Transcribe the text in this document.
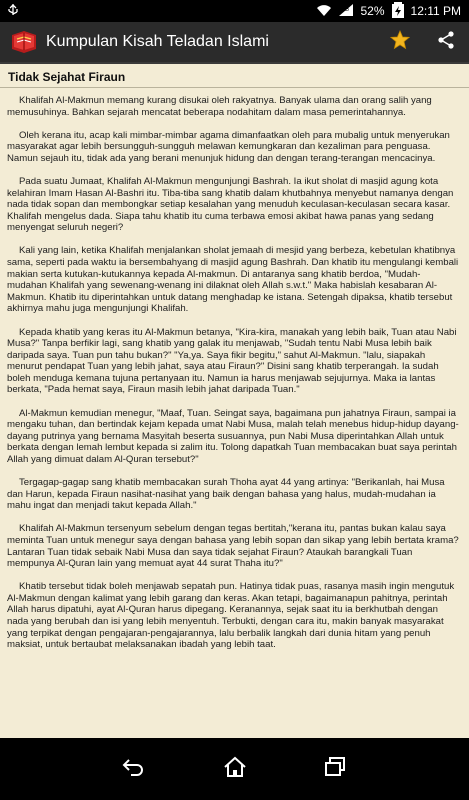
4G 52% 12:11 PM
Kumpulan Kisah Teladan Islami
Tidak Sejahat Firaun

Khalifah Al-Makmun memang kurang disukai oleh rakyatnya. Banyak ulama dan orang salih yang memusuhinya. Bahkan sejarah mencatat beberapa nodahitam dalam masa pemerintahannya.

Oleh kerana itu, acap kali mimbar-mimbar agama dimanfaatkan oleh para mubalig untuk menyerukan masyarakat agar lebih bersungguh-sungguh melawan kemungkaran dan kezaliman para penguasa. Namun sejauh itu, tidak ada yang berani menunjuk hidung dan dengan terang-terangan mencacinya.

Pada suatu Jumaat, Khalifah Al-Makmun mengunjungi Bashrah. Ia ikut sholat di masjid agung kota kelahiran Imam Hasan Al-Bashri itu. Tiba-tiba sang khatib dalam khutbahnya menyebut namanya dengan nada tidak sopan dan membongkar setiap kesalahan yang menuduh keculasan-keculasan secara kasar. Khalifah mengelus dada. Siapa tahu khatib itu cuma terbawa emosi akibat hawa panas yang sedang menyengat seluruh negeri?

Kali yang lain, ketika Khalifah menjalankan sholat jemaah di mesjid yang berbeza, kebetulan khatibnya sama, seperti pada waktu ia bersembahyang di masjid agung Bashrah. Dan khatib itu mengulangi kembali makian serta kutukan-kutukannya kepada Al-makmun. Di antaranya sang khatib berdoa, "Mudah-mudahan Khalifah yang sewenang-wenang ini dilaknat oleh Allah s.w.t." Maka habislah kesabaran Al-Makmun. Khatib itu diperintahkan untuk datang menghadap ke istana. Setengah dipaksa, khatib tersebut akhirnya mahu juga mengunjungi Khalifah.

Kepada khatib yang keras itu Al-Makmun betanya, "Kira-kira, manakah yang lebih baik, Tuan atau Nabi Musa?" Tanpa berfikir lagi, sang khatib yang galak itu menjawab, "Sudah tentu Nabi Musa lebih baik daripada saya. Tuan pun tahu bukan?" "Ya,ya. Saya fikir begitu," sahut Al-Makmun. "lalu, siapakah menurut pendapat Tuan yang lebih jahat, saya atau Firaun?" Disini sang khatib terperangah. Ia sudah boleh menduga kemana tujuna pertanyaan itu. Namun ia harus menjawab sejujurnya. Maka ia lantas berkata, "Pada hemat saya, Firaun masih lebih jahat daripada Tuan."

Al-Makmun kemudian menegur, "Maaf, Tuan. Seingat saya, bagaimana pun jahatnya Firaun, sampai ia mengaku tuhan, dan bertindak kejam kepada umat Nabi Musa, malah telah menebus hidup-hidup dayang-dayang putrinya yang bernama Masyitah beserta susuannya, pun Nabi Musa diperintahkan Allah untuk berkata dengan lemah lembut kepada si zalim itu. Tolong dapatkah Tuan membacakan buat saya perintah Allah yang dimuat dalam Al-Quran tersebut?"

Tergagap-gagap sang khatib membacakan surah Thoha ayat 44 yang artinya: "Berikanlah, hai Musa dan Harun, kepada Firaun nasihat-nasihat yang baik dengan bahasa yang halus, mudah-mudahan ia mahu ingat dan menjadi takut kepada Allah."

Khalifah Al-Makmun tersenyum sebelum dengan tegas bertitah,"kerana itu, pantas bukan kalau saya meminta Tuan untuk menegur saya dengan bahasa yang lebih sopan dan sikap yang lebih bertata krama? Lantaran Tuan tidak sebaik Nabi Musa dan saya tidak sejahat Firaun? Ataukah barangkali Tuan mempunya Al-Quran lain yang memuat ayat 44 surat Thaha itu?"

Khatib tersebut tidak boleh menjawab sepatah pun. Hatinya tidak puas, rasanya masih ingin mengutuk Al-Makmun dengan kalimat yang lebih garang dan keras. Akan tetapi, bagaimanapun pahitnya, perintah Allah harus dipatuhi, ayat Al-Quran harus dipegang. Keranannya, sejak saat itu ia berkhutbah dengan nada yang berubah dan isi yang lebih menyentuh. Terbukti, dengan cara itu, makin banyak masyarakat yang terpikat dengan pengajaran-pengajarannya, lalu berbalik langkah dari dunia hitam yang penuh maksiat, untuk bertaubat melaksanakan ibadah yang lebih taat.
